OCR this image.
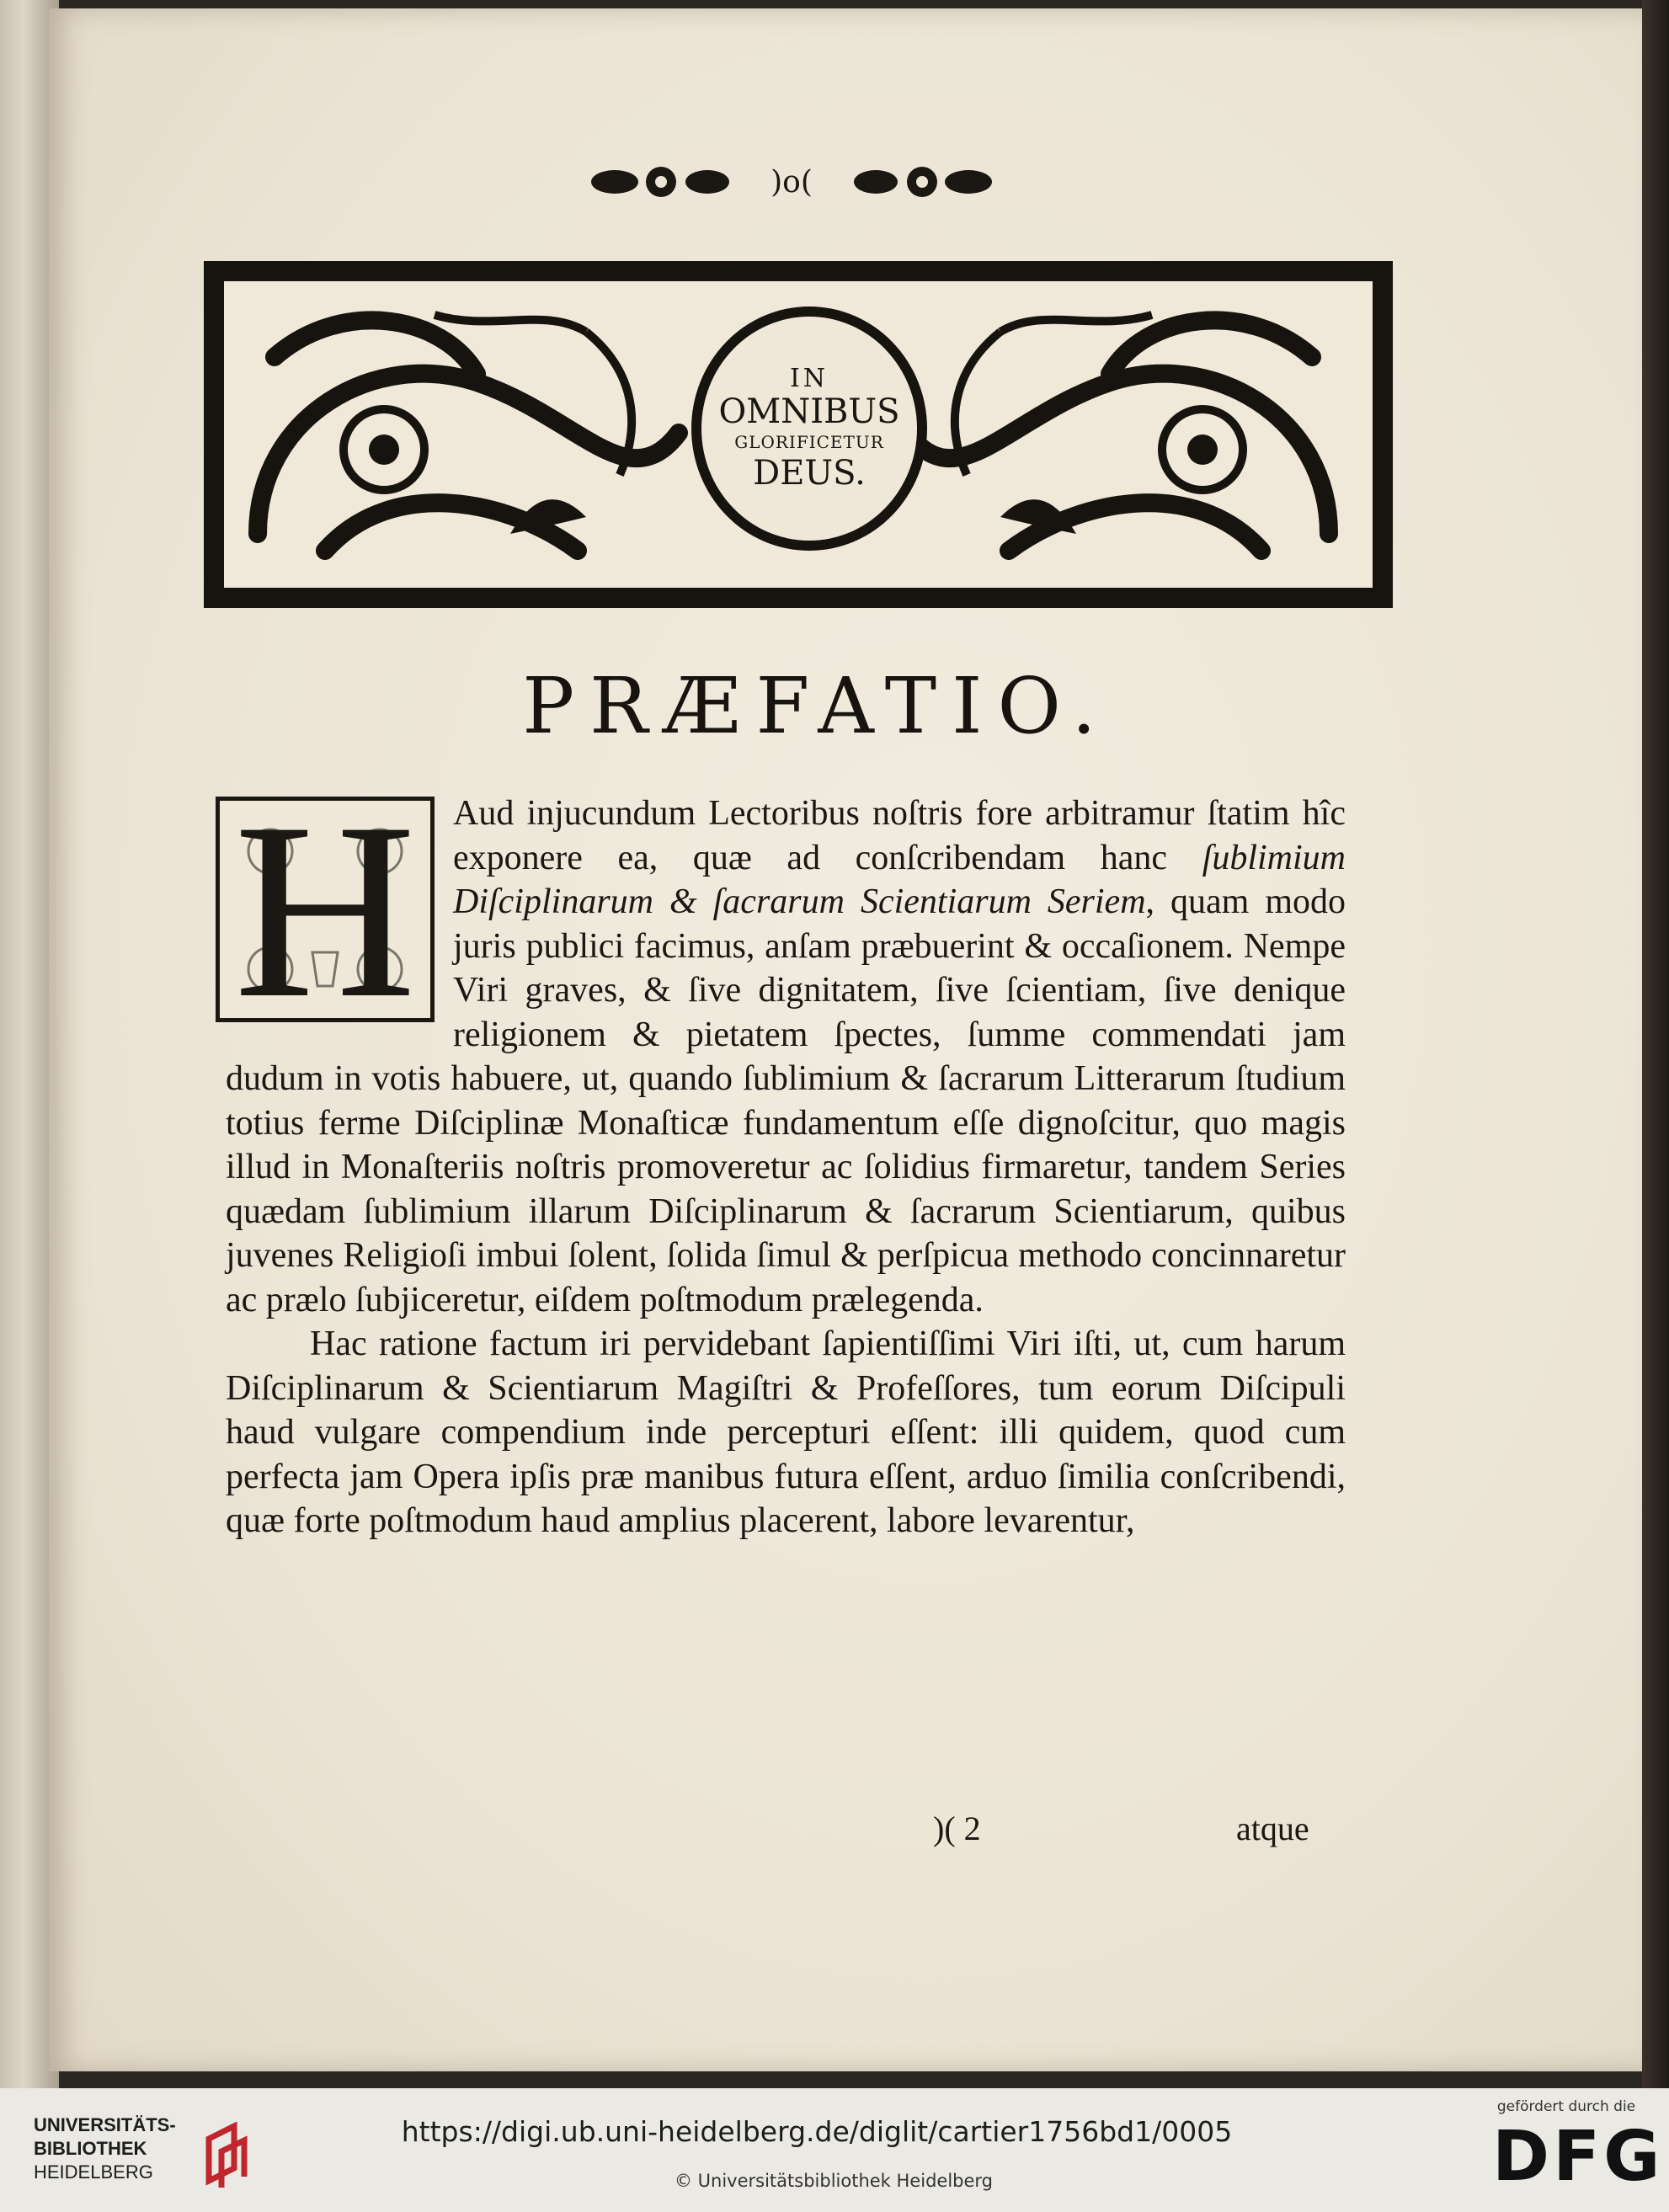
)o(
IN
OMNIBUS
GLORIFICETUR
DEUS.
PRÆFATIO.
H	Aud injucundum Lectoribus noſtris fore arbitramur ſtatim hîc exponere ea, quæ ad conſcribendam hanc ſublimium Diſciplinarum & ſacrarum Scientiarum Seriem, quam modo juris publici facimus, anſam præbuerint & occaſionem. Nempe Viri graves, & ſive dignitatem, ſive ſcientiam, ſive denique religionem & pietatem ſpectes, ſumme commendati jam dudum in votis habuere, ut, quando ſublimium & ſacrarum Litterarum ſtudium totius ferme Diſciplinæ Monaſticæ fundamentum eſſe dignoſcitur, quo magis illud in Monaſteriis noſtris promoveretur ac ſolidius firmaretur, tandem Series quædam ſublimium illarum Diſciplinarum & ſacrarum Scientiarum, quibus juvenes Religioſi imbui ſolent, ſolida ſimul & perſpicua methodo concinnaretur ac prælo ſubjiceretur, eiſdem poſtmodum prælegenda.

Hac ratione factum iri pervidebant ſapientiſſimi Viri iſti, ut, cum harum Diſciplinarum & Scientiarum Magiſtri & Profeſſores, tum eorum Diſcipuli haud vulgare compendium inde percepturi eſſent: illi quidem, quod cum perfecta jam Opera ipſis præ manibus futura eſſent, arduo ſimilia conſcribendi, quæ forte poſtmodum haud amplius placerent, labore levarentur,

)( 2	atque
UNIVERSITÄTS-
BIBLIOTHEK
HEIDELBERG
https://digi.ub.uni-heidelberg.de/diglit/cartier1756bd1/0005
© Universitätsbibliothek Heidelberg
gefördert durch die
DFG
